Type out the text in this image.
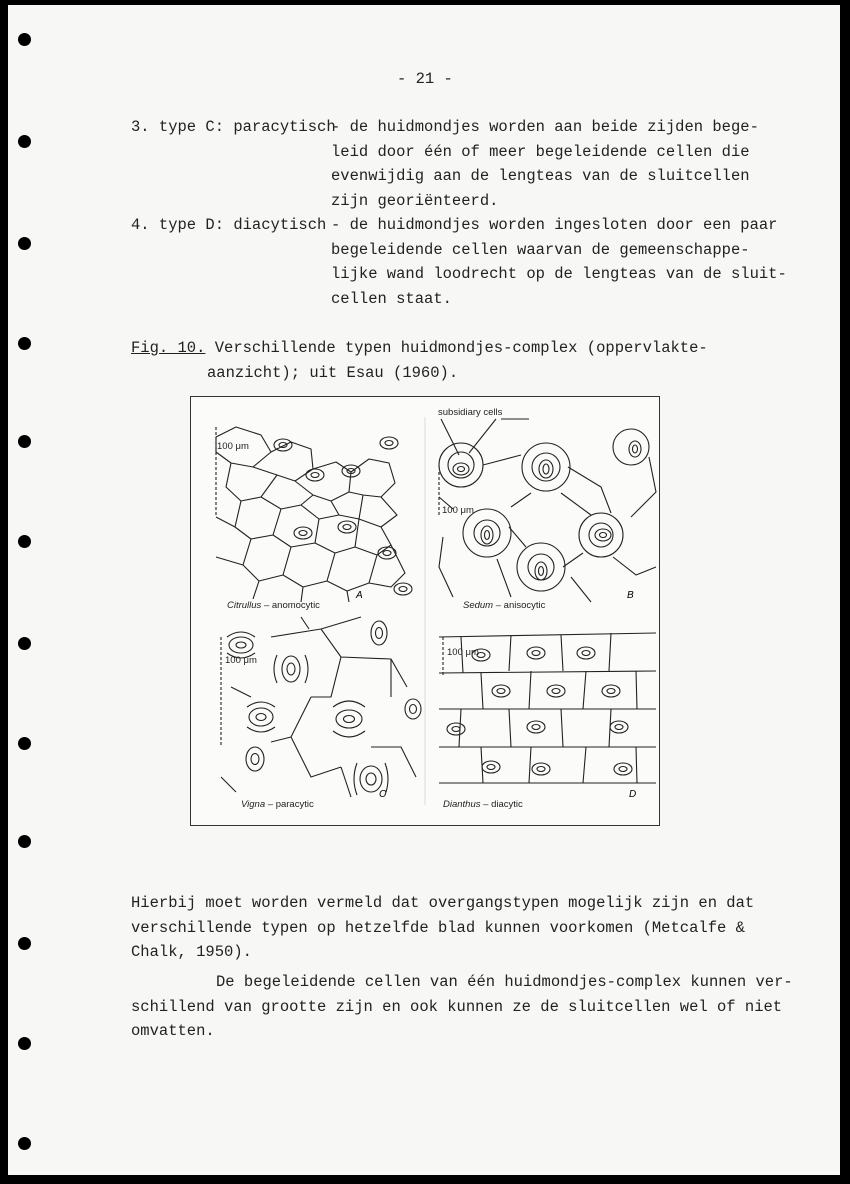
- 21 -
3. type C: paracytisch
- de huidmondjes worden aan beide zijden bege-
leid door één of meer begeleidende cellen die
evenwijdig aan de lengteas van de sluitcellen
zijn georiënteerd.
4. type D: diacytisch - de huidmondjes worden ingesloten door een paar
begeleidende cellen waarvan de gemeenschappe-
lijke wand loodrecht op de lengteas van de sluit-
cellen staat.
Fig. 10. Verschillende typen huidmondjes-complex (oppervlakte-
aanzicht); uit Esau (1960).
subsidiary cells
100 μm
100 μm
100 μm
100 μm
Citrullus – anomocytic
A
Sedum – anisocytic
B
Vigna – paracytic
C
Dianthus – diacytic
D
Hierbij moet worden vermeld dat overgangstypen mogelijk zijn en dat
verschillende typen op hetzelfde blad kunnen voorkomen (Metcalfe &
Chalk, 1950).
De begeleidende cellen van één huidmondjes-complex kunnen ver-
schillend van grootte zijn en ook kunnen ze de sluitcellen wel of niet
omvatten.
